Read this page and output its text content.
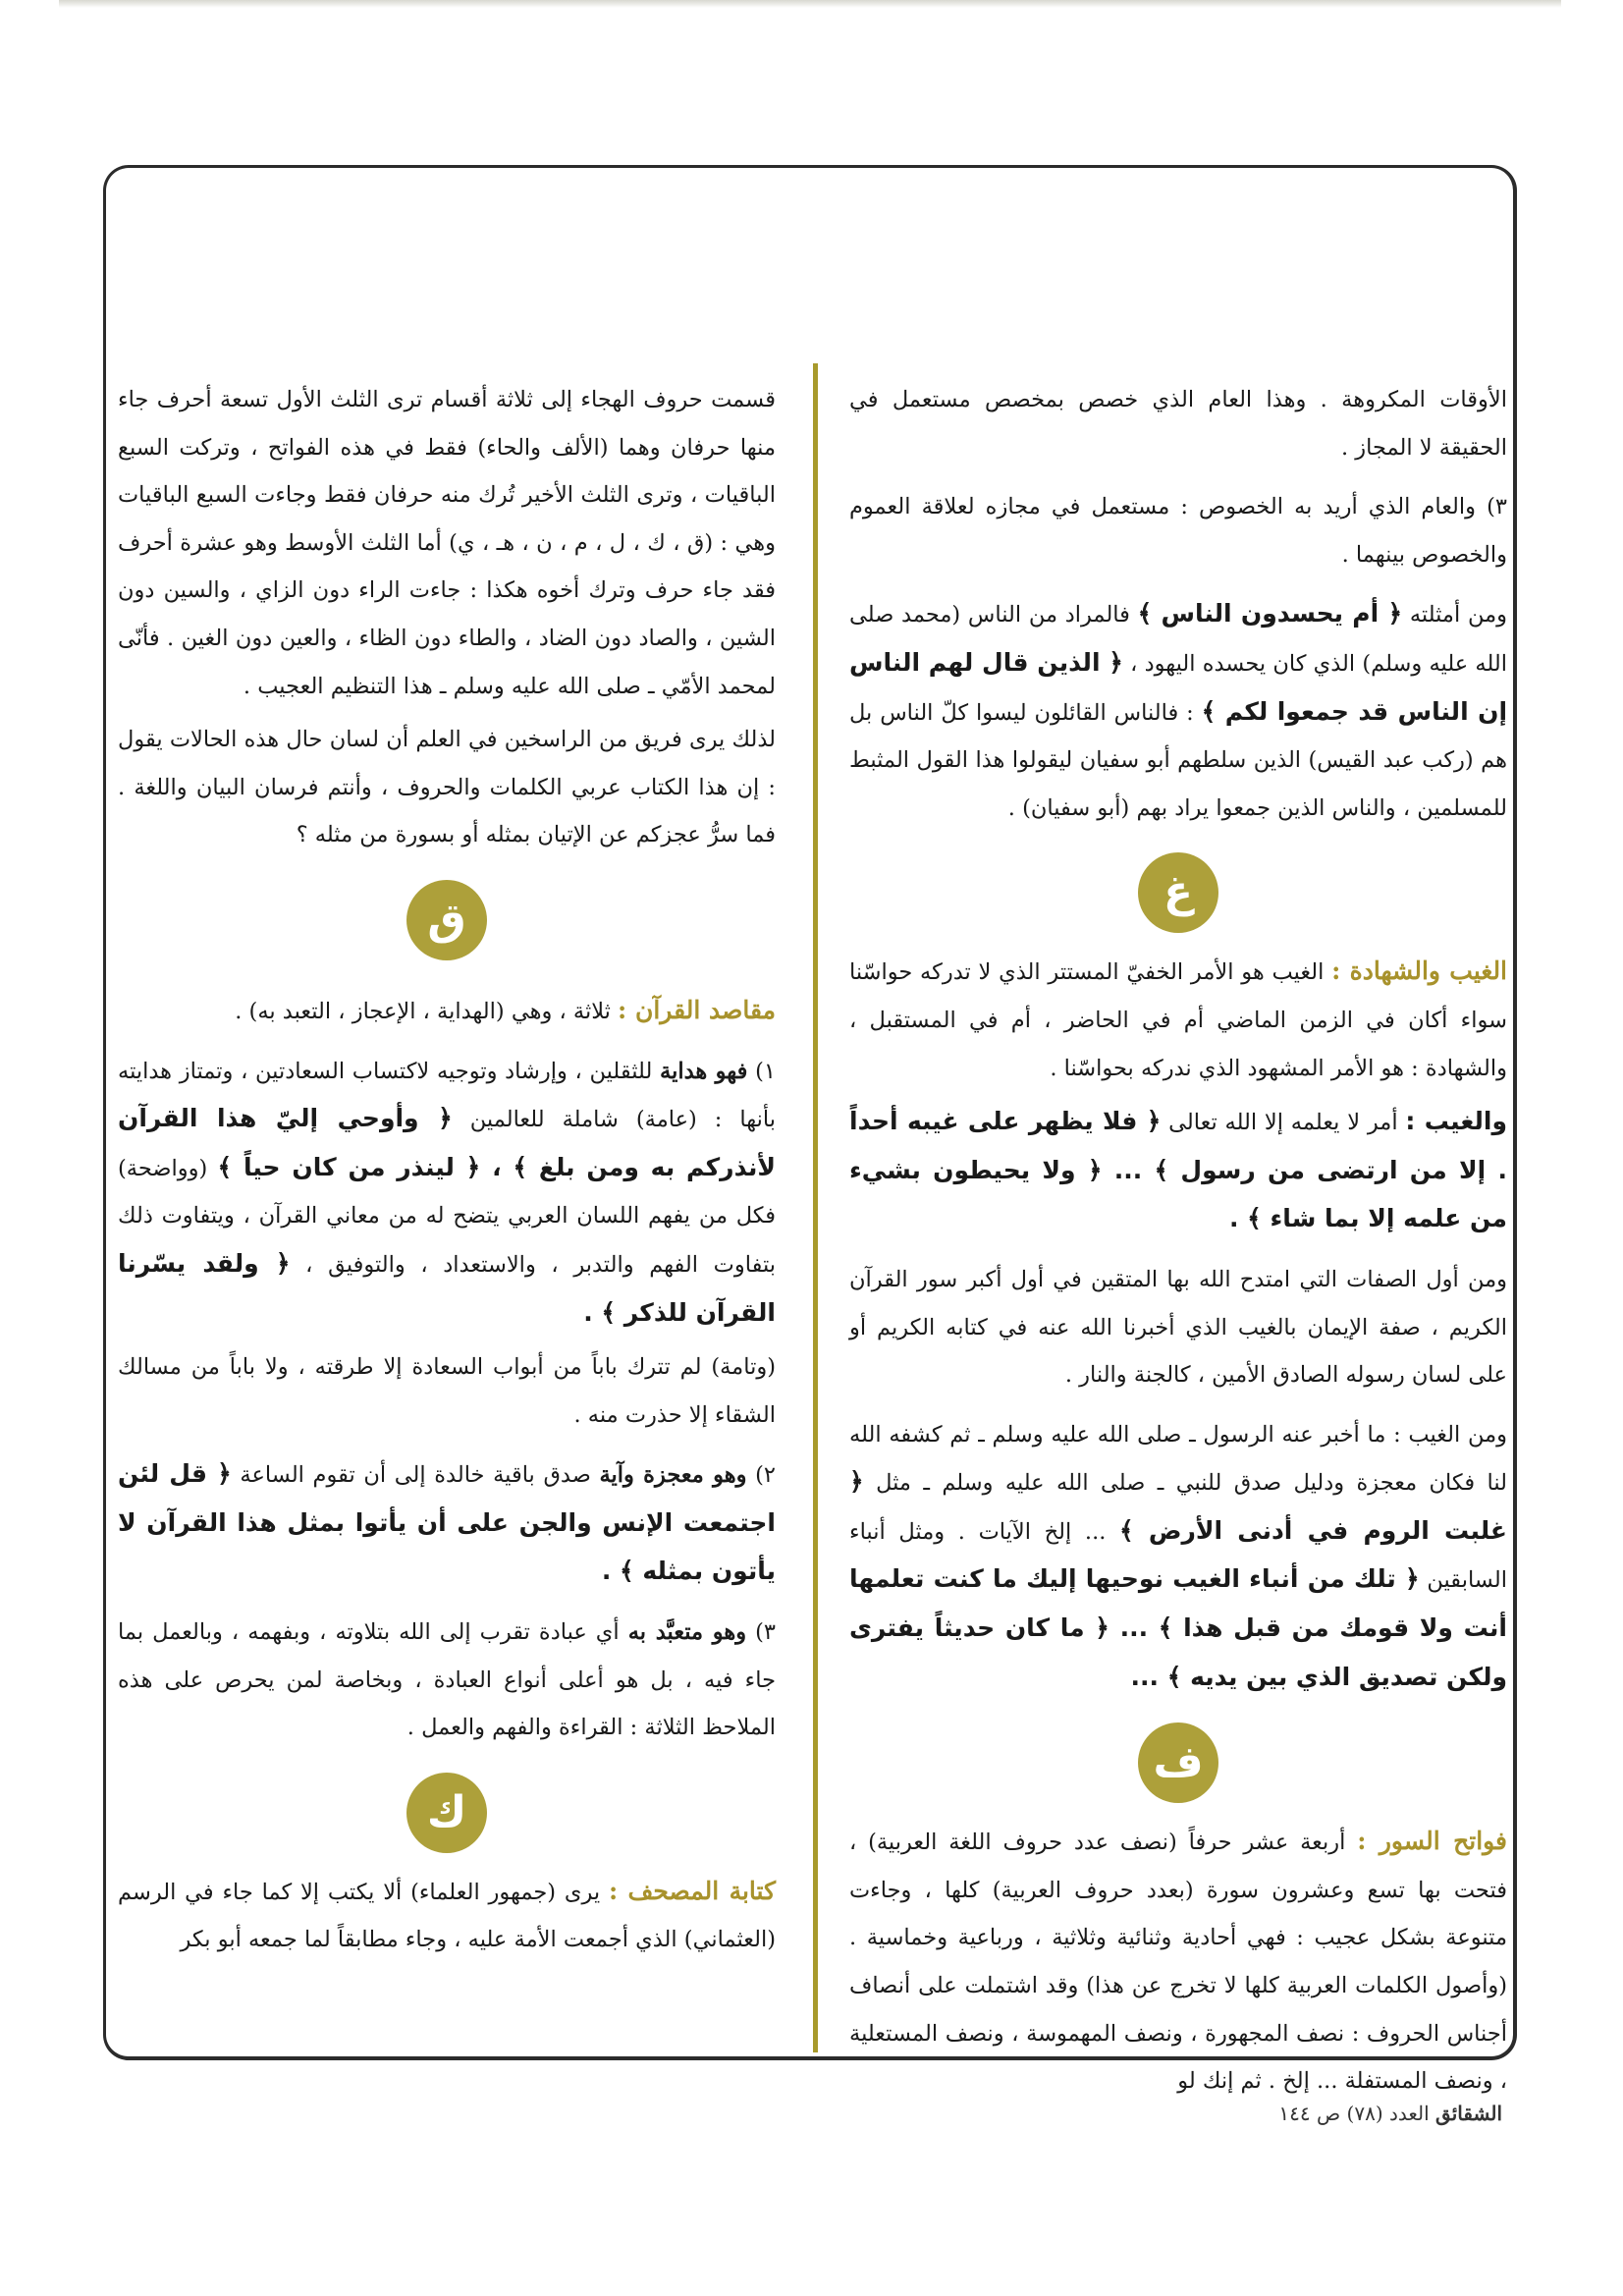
الأوقات المكروهة . وهذا العام الذي خصص بمخصص مستعمل في الحقيقة لا المجاز .

٣) والعام الذي أريد به الخصوص : مستعمل في مجازه لعلاقة العموم والخصوص بينهما .

ومن أمثلته ﴿ أم يحسدون الناس ﴾ فالمراد من الناس (محمد صلى الله عليه وسلم) الذي كان يحسده اليهود ، ﴿ الذين قال لهم الناس إن الناس قد جمعوا لكم ﴾ : فالناس القائلون ليسوا كلّ الناس بل هم (ركب عبد القيس) الذين سلطهم أبو سفيان ليقولوا هذا القول المثبط للمسلمين ، والناس الذين جمعوا يراد بهم (أبو سفيان) .

غ

الغيب والشهادة : الغيب هو الأمر الخفيّ المستتر الذي لا تدركه حواسّنا سواء أكان في الزمن الماضي أم في الحاضر ، أم في المستقبل ، والشهادة : هو الأمر المشهود الذي ندركه بحواسّنا .

والغيب : أمر لا يعلمه إلا الله تعالى ﴿ فلا يظهر على غيبه أحداً . إلا من ارتضى من رسول ﴾ ... ﴿ ولا يحيطون بشيء من علمه إلا بما شاء ﴾ .

ومن أول الصفات التي امتدح الله بها المتقين في أول أكبر سور القرآن الكريم ، صفة الإيمان بالغيب الذي أخبرنا الله عنه في كتابه الكريم أو على لسان رسوله الصادق الأمين ، كالجنة والنار .

ومن الغيب : ما أخبر عنه الرسول ـ صلى الله عليه وسلم ـ ثم كشفه الله لنا فكان معجزة ودليل صدق للنبي ـ صلى الله عليه وسلم ـ مثل ﴿ غلبت الروم في أدنى الأرض ﴾ ... إلخ الآيات . ومثل أنباء السابقين ﴿ تلك من أنباء الغيب نوحيها إليك ما كنت تعلمها أنت ولا قومك من قبل هذا ﴾ ... ﴿ ما كان حديثاً يفترى ولكن تصديق الذي بين يديه ﴾ ...

ف

فواتح السور : أربعة عشر حرفاً (نصف عدد حروف اللغة العربية) ، فتحت بها تسع وعشرون سورة (بعدد حروف العربية) كلها ، وجاءت متنوعة بشكل عجيب : فهي أحادية وثنائية وثلاثية ، ورباعية وخماسية . (وأصول الكلمات العربية كلها لا تخرج عن هذا) وقد اشتملت على أنصاف أجناس الحروف : نصف المجهورة ، ونصف المهموسة ، ونصف المستعلية ، ونصف المستفلة ... إلخ . ثم إنك لو

قسمت حروف الهجاء إلى ثلاثة أقسام ترى الثلث الأول تسعة أحرف جاء منها حرفان وهما (الألف والحاء) فقط في هذه الفواتح ، وتركت السبع الباقيات ، وترى الثلث الأخير تُرك منه حرفان فقط وجاءت السبع الباقيات وهي : (ق ، ك ، ل ، م ، ن ، هـ ، ي) أما الثلث الأوسط وهو عشرة أحرف فقد جاء حرف وترك أخوه هكذا : جاءت الراء دون الزاي ، والسين دون الشين ، والصاد دون الضاد ، والطاء دون الظاء ، والعين دون الغين . فأنّى لمحمد الأمّي ـ صلى الله عليه وسلم ـ هذا التنظيم العجيب .

لذلك يرى فريق من الراسخين في العلم أن لسان حال هذه الحالات يقول : إن هذا الكتاب عربي الكلمات والحروف ، وأنتم فرسان البيان واللغة . فما سرُّ عجزكم عن الإتيان بمثله أو بسورة من مثله ؟

ق

مقاصد القرآن : ثلاثة ، وهي (الهداية ، الإعجاز ، التعبد به) .

١) فهو هداية للثقلين ، وإرشاد وتوجيه لاكتساب السعادتين ، وتمتاز هدايته بأنها : (عامة) شاملة للعالمين ﴿ وأوحي إليّ هذا القرآن لأنذركم به ومن بلغ ﴾ ، ﴿ لينذر من كان حياً ﴾ (وواضحة) فكل من يفهم اللسان العربي يتضح له من معاني القرآن ، ويتفاوت ذلك بتفاوت الفهم والتدبر ، والاستعداد ، والتوفيق ، ﴿ ولقد يسّرنا القرآن للذكر ﴾ .

(وتامة) لم تترك باباً من أبواب السعادة إلا طرقته ، ولا باباً من مسالك الشقاء إلا حذرت منه .

٢) وهو معجزة وآية صدق باقية خالدة إلى أن تقوم الساعة ﴿ قل لئن اجتمعت الإنس والجن على أن يأتوا بمثل هذا القرآن لا يأتون بمثله ﴾ .

٣) وهو متعبَّد به أي عبادة تقرب إلى الله بتلاوته ، وبفهمه ، وبالعمل بما جاء فيه ، بل هو أعلى أنواع العبادة ، وبخاصة لمن يحرص على هذه الملاحظ الثلاثة : القراءة والفهم والعمل .

ك

كتابة المصحف : يرى (جمهور العلماء) ألا يكتب إلا كما جاء في الرسم (العثماني) الذي أجمعت الأمة عليه ، وجاء مطابقاً لما جمعه أبو بكر

الشقائق العدد (٧٨) ص ١٤٤
